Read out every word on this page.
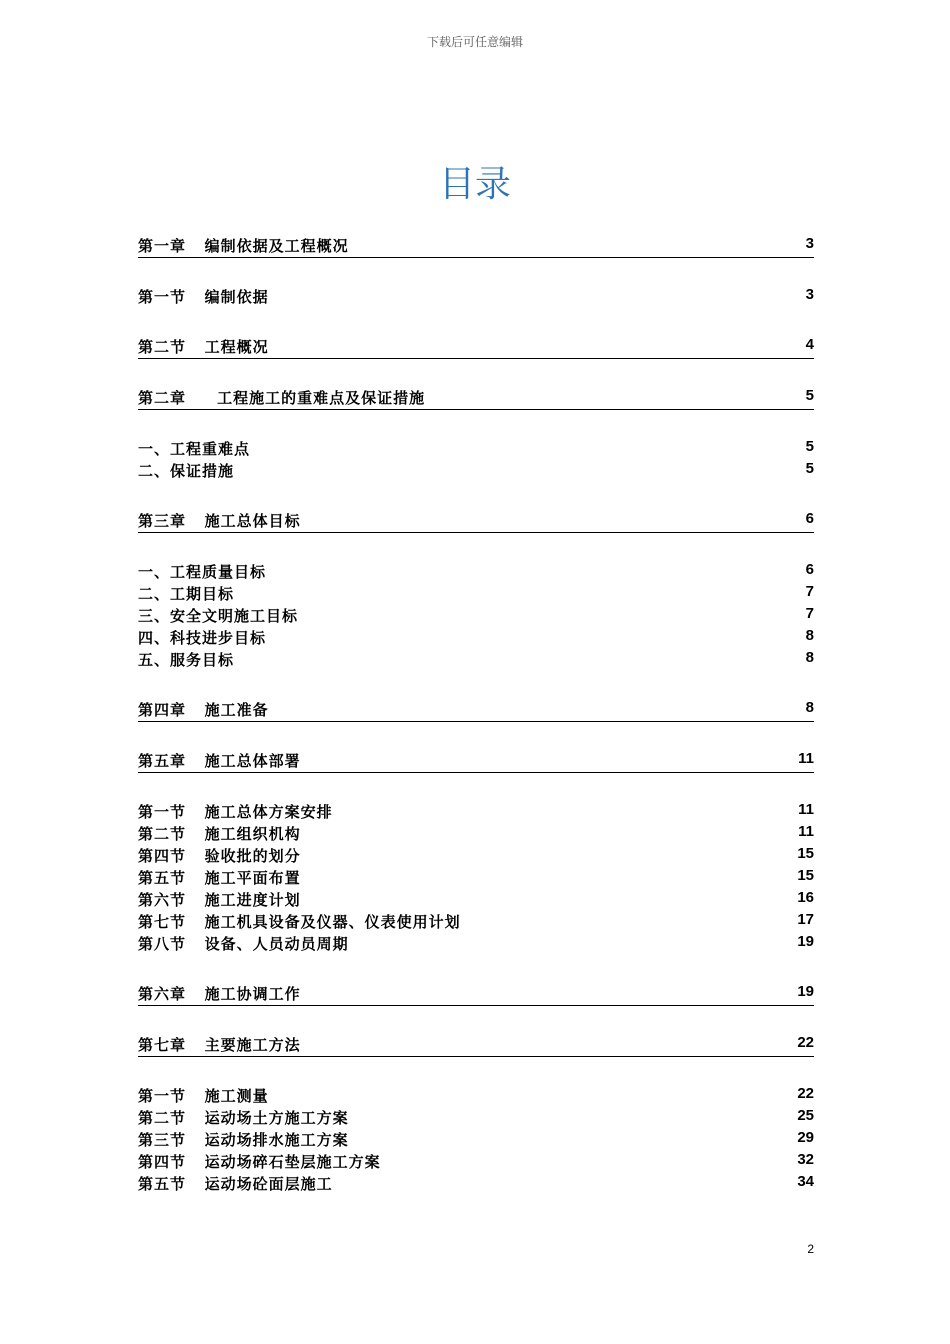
下载后可任意编辑
目录
第一章   编制依据及工程概况	3
第一节   编制依据	3
第二节   工程概况	4
第二章     工程施工的重难点及保证措施	5
一、工程重难点	5
二、保证措施	5
第三章   施工总体目标	6
一、工程质量目标	6
二、工期目标	7
三、安全文明施工目标	7
四、科技进步目标	8
五、服务目标	8
第四章   施工准备	8
第五章   施工总体部署	11
第一节   施工总体方案安排	11
第二节   施工组织机构	11
第四节   验收批的划分	15
第五节   施工平面布置	15
第六节   施工进度计划	16
第七节   施工机具设备及仪器、仪表使用计划	17
第八节   设备、人员动员周期	19
第六章   施工协调工作	19
第七章   主要施工方法	22
第一节   施工测量	22
第二节   运动场土方施工方案	25
第三节   运动场排水施工方案	29
第四节   运动场碎石垫层施工方案	32
第五节   运动场砼面层施工	34
2
